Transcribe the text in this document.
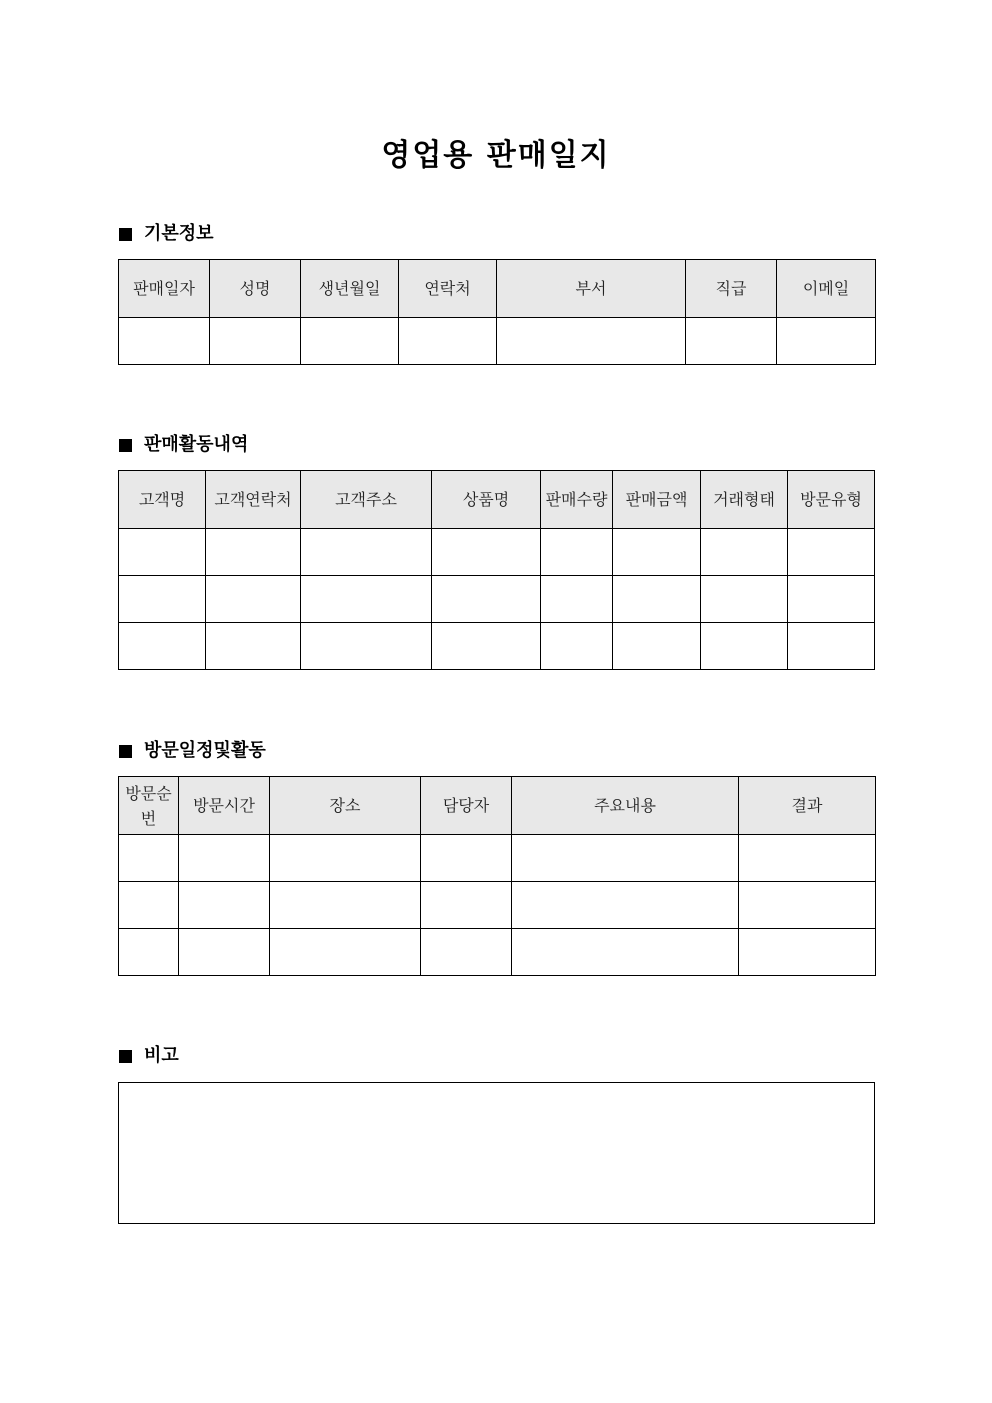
영업용 판매일지
기본정보
판매일자	성명	생년월일	연락처	부서	직급	이메일

판매활동내역
고객명	고객연락처	고객주소	상품명	판매수량	판매금액	거래형태	방문유형

방문일정및활동
방문순번	방문시간	장소	담당자	주요내용	결과

비고
